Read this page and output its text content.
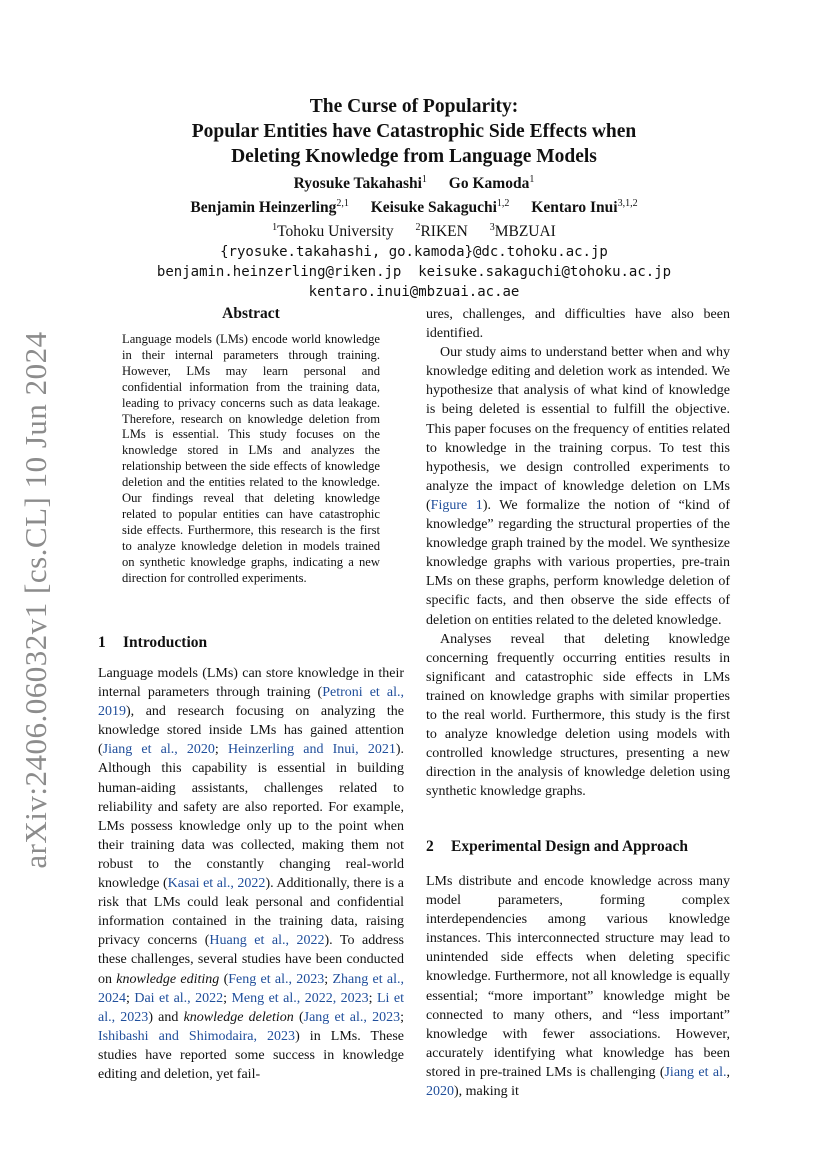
arXiv:2406.06032v1 [cs.CL] 10 Jun 2024
The Curse of Popularity:
Popular Entities have Catastrophic Side Effects when
Deleting Knowledge from Language Models
Ryosuke Takahashi$^1$ Go Kamoda$^1$
Benjamin Heinzerling$^{2,1}$ Keisuke Sakaguchi$^{1,2}$ Kentaro Inui$^{3,1,2}$
$^1$Tohoku University $^2$RIKEN $^3$MBZUAI
{ryosuke.takahashi, go.kamoda}@dc.tohoku.ac.jp
benjamin.heinzerling@riken.jp  keisuke.sakaguchi@tohoku.ac.jp
kentaro.inui@mbzuai.ac.ae
Abstract
Language models (LMs) encode world knowledge in their internal parameters through training. However, LMs may learn personal and confidential information from the training data, leading to privacy concerns such as data leakage. Therefore, research on knowledge deletion from LMs is essential. This study focuses on the knowledge stored in LMs and analyzes the relationship between the side effects of knowledge deletion and the entities related to the knowledge. Our findings reveal that deleting knowledge related to popular entities can have catastrophic side effects. Furthermore, this research is the first to analyze knowledge deletion in models trained on synthetic knowledge graphs, indicating a new direction for controlled experiments.
1 Introduction
Language models (LMs) can store knowledge in their internal parameters through training (Petroni et al., 2019), and research focusing on analyzing the knowledge stored inside LMs has gained attention (Jiang et al., 2020; Heinzerling and Inui, 2021). Although this capability is essential in building human-aiding assistants, challenges related to reliability and safety are also reported. For example, LMs possess knowledge only up to the point when their training data was collected, making them not robust to the constantly changing real-world knowledge (Kasai et al., 2022). Additionally, there is a risk that LMs could leak personal and confidential information contained in the training data, raising privacy concerns (Huang et al., 2022). To address these challenges, several studies have been conducted on knowledge editing (Feng et al., 2023; Zhang et al., 2024; Dai et al., 2022; Meng et al., 2022, 2023; Li et al., 2023) and knowledge deletion (Jang et al., 2023; Ishibashi and Shimodaira, 2023) in LMs. These studies have reported some success in knowledge editing and deletion, yet fail-

ures, challenges, and difficulties have also been identified.

Our study aims to understand better when and why knowledge editing and deletion work as intended. We hypothesize that analysis of what kind of knowledge is being deleted is essential to fulfill the objective. This paper focuses on the frequency of entities related to knowledge in the training corpus. To test this hypothesis, we design controlled experiments to analyze the impact of knowledge deletion on LMs (Figure 1). We formalize the notion of “kind of knowledge” regarding the structural properties of the knowledge graph trained by the model. We synthesize knowledge graphs with various properties, pre-train LMs on these graphs, perform knowledge deletion of specific facts, and then observe the side effects of deletion on entities related to the deleted knowledge.

Analyses reveal that deleting knowledge concerning frequently occurring entities results in significant and catastrophic side effects in LMs trained on knowledge graphs with similar properties to the real world. Furthermore, this study is the first to analyze knowledge deletion using models with controlled knowledge structures, presenting a new direction in the analysis of knowledge deletion using synthetic knowledge graphs.

2 Experimental Design and Approach
LMs distribute and encode knowledge across many model parameters, forming complex interdependencies among various knowledge instances. This interconnected structure may lead to unintended side effects when deleting specific knowledge. Furthermore, not all knowledge is equally essential; “more important” knowledge might be connected to many others, and “less important” knowledge with fewer associations. However, accurately identifying what knowledge has been stored in pre-trained LMs is challenging (Jiang et al., 2020), making it
